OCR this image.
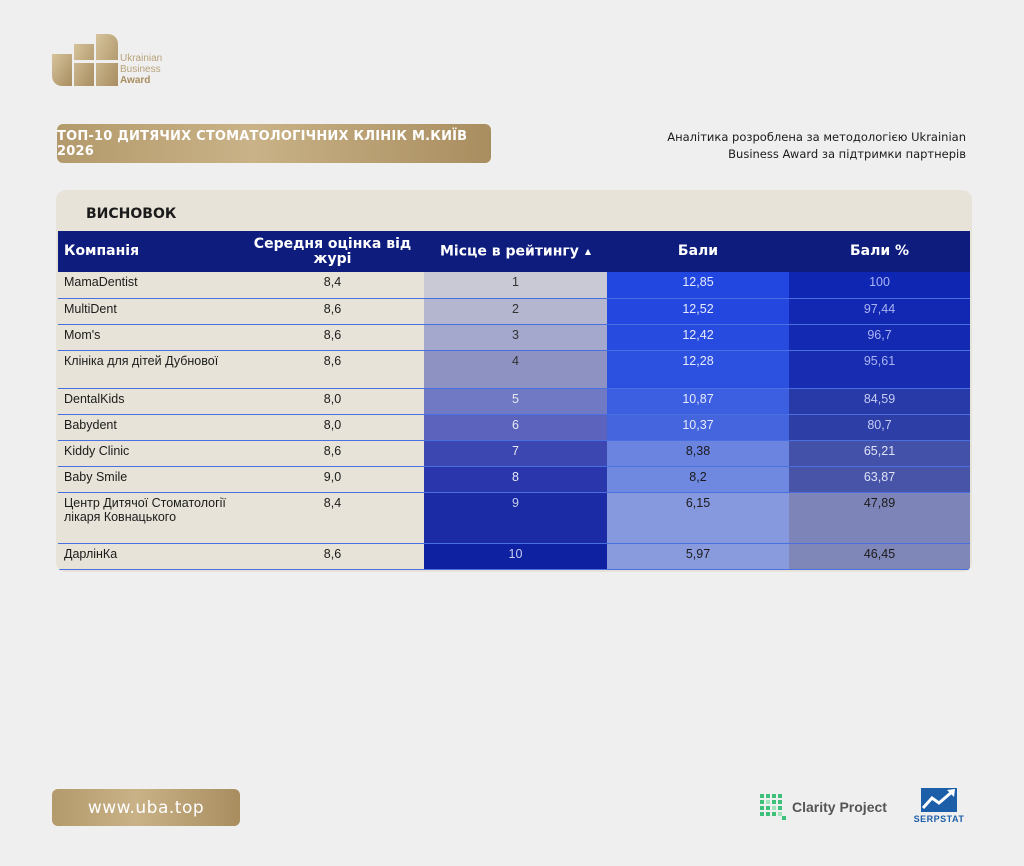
Ukrainian
Business
Award
ТОП-10 ДИТЯЧИХ СТОМАТОЛОГІЧНИХ КЛІНІК М.КИЇВ 2026
Аналітика розроблена за методологією Ukrainian
Business Award за підтримки партнерів
ВИСНОВОК
Компанія	Середня оцінка від журі	Місце в рейтингу ▲	Бали	Бали %
MamaDentist	8,4	1	12,85	100
MultiDent	8,6	2	12,52	97,44
Mom's	8,6	3	12,42	96,7
Клініка для дітей Дубнової	8,6	4	12,28	95,61
DentalKids	8,0	5	10,87	84,59
Babydent	8,0	6	10,37	80,7
Kiddy Clinic	8,6	7	8,38	65,21
Baby Smile	9,0	8	8,2	63,87
Центр Дитячої Стоматології лікаря Ковнацького	8,4	9	6,15	47,89
ДарлінКа	8,6	10	5,97	46,45
www.uba.top	Clarity Project
SERPSTAT
